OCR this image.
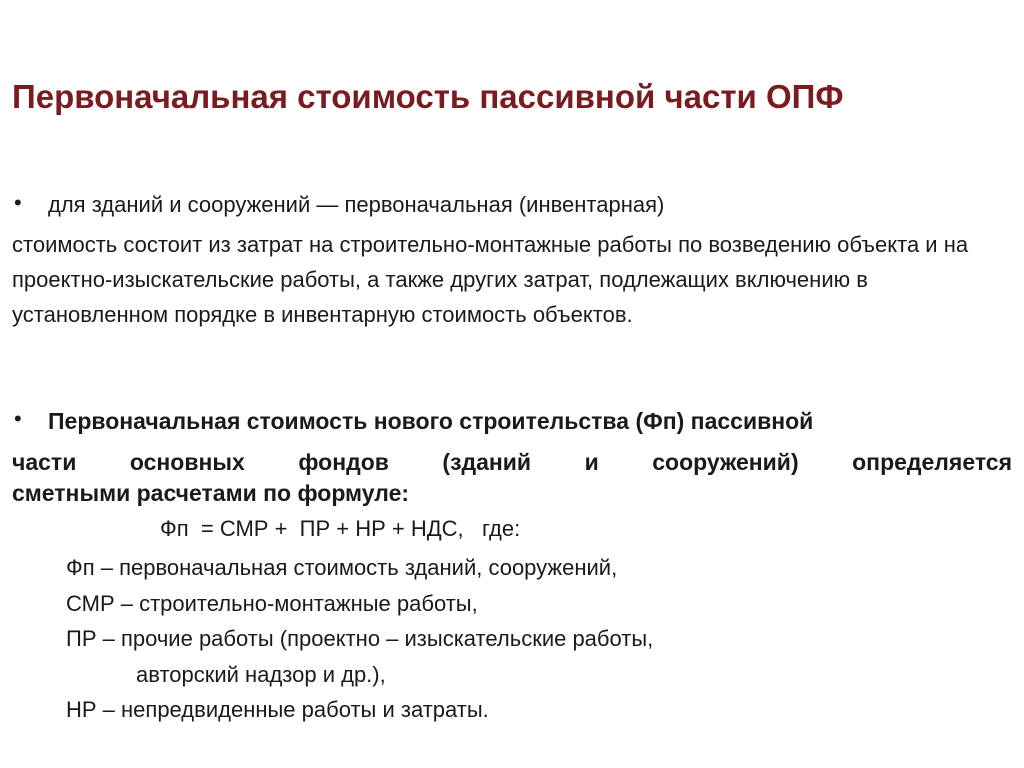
Первоначальная стоимость пассивной части ОПФ
• для зданий и сооружений — первоначальная (инвентарная)

стоимость состоит из затрат на строительно-монтажные работы по возведению объекта и на проектно-изыскательские работы, а также других затрат, подлежащих включению в установленном порядке в инвентарную стоимость объектов.

• Первоначальная стоимость нового строительства (Фп) пассивной
части основных фондов (зданий и сооружений) определяется
сметными расчетами по формуле:
Фп  = СМР +  ПР + НР + НДС,   где:
Фп – первоначальная стоимость зданий, сооружений,
СМР – строительно-монтажные работы,
ПР – прочие работы (проектно – изыскательские работы,
авторский надзор и др.),
НР – непредвиденные работы и затраты.
